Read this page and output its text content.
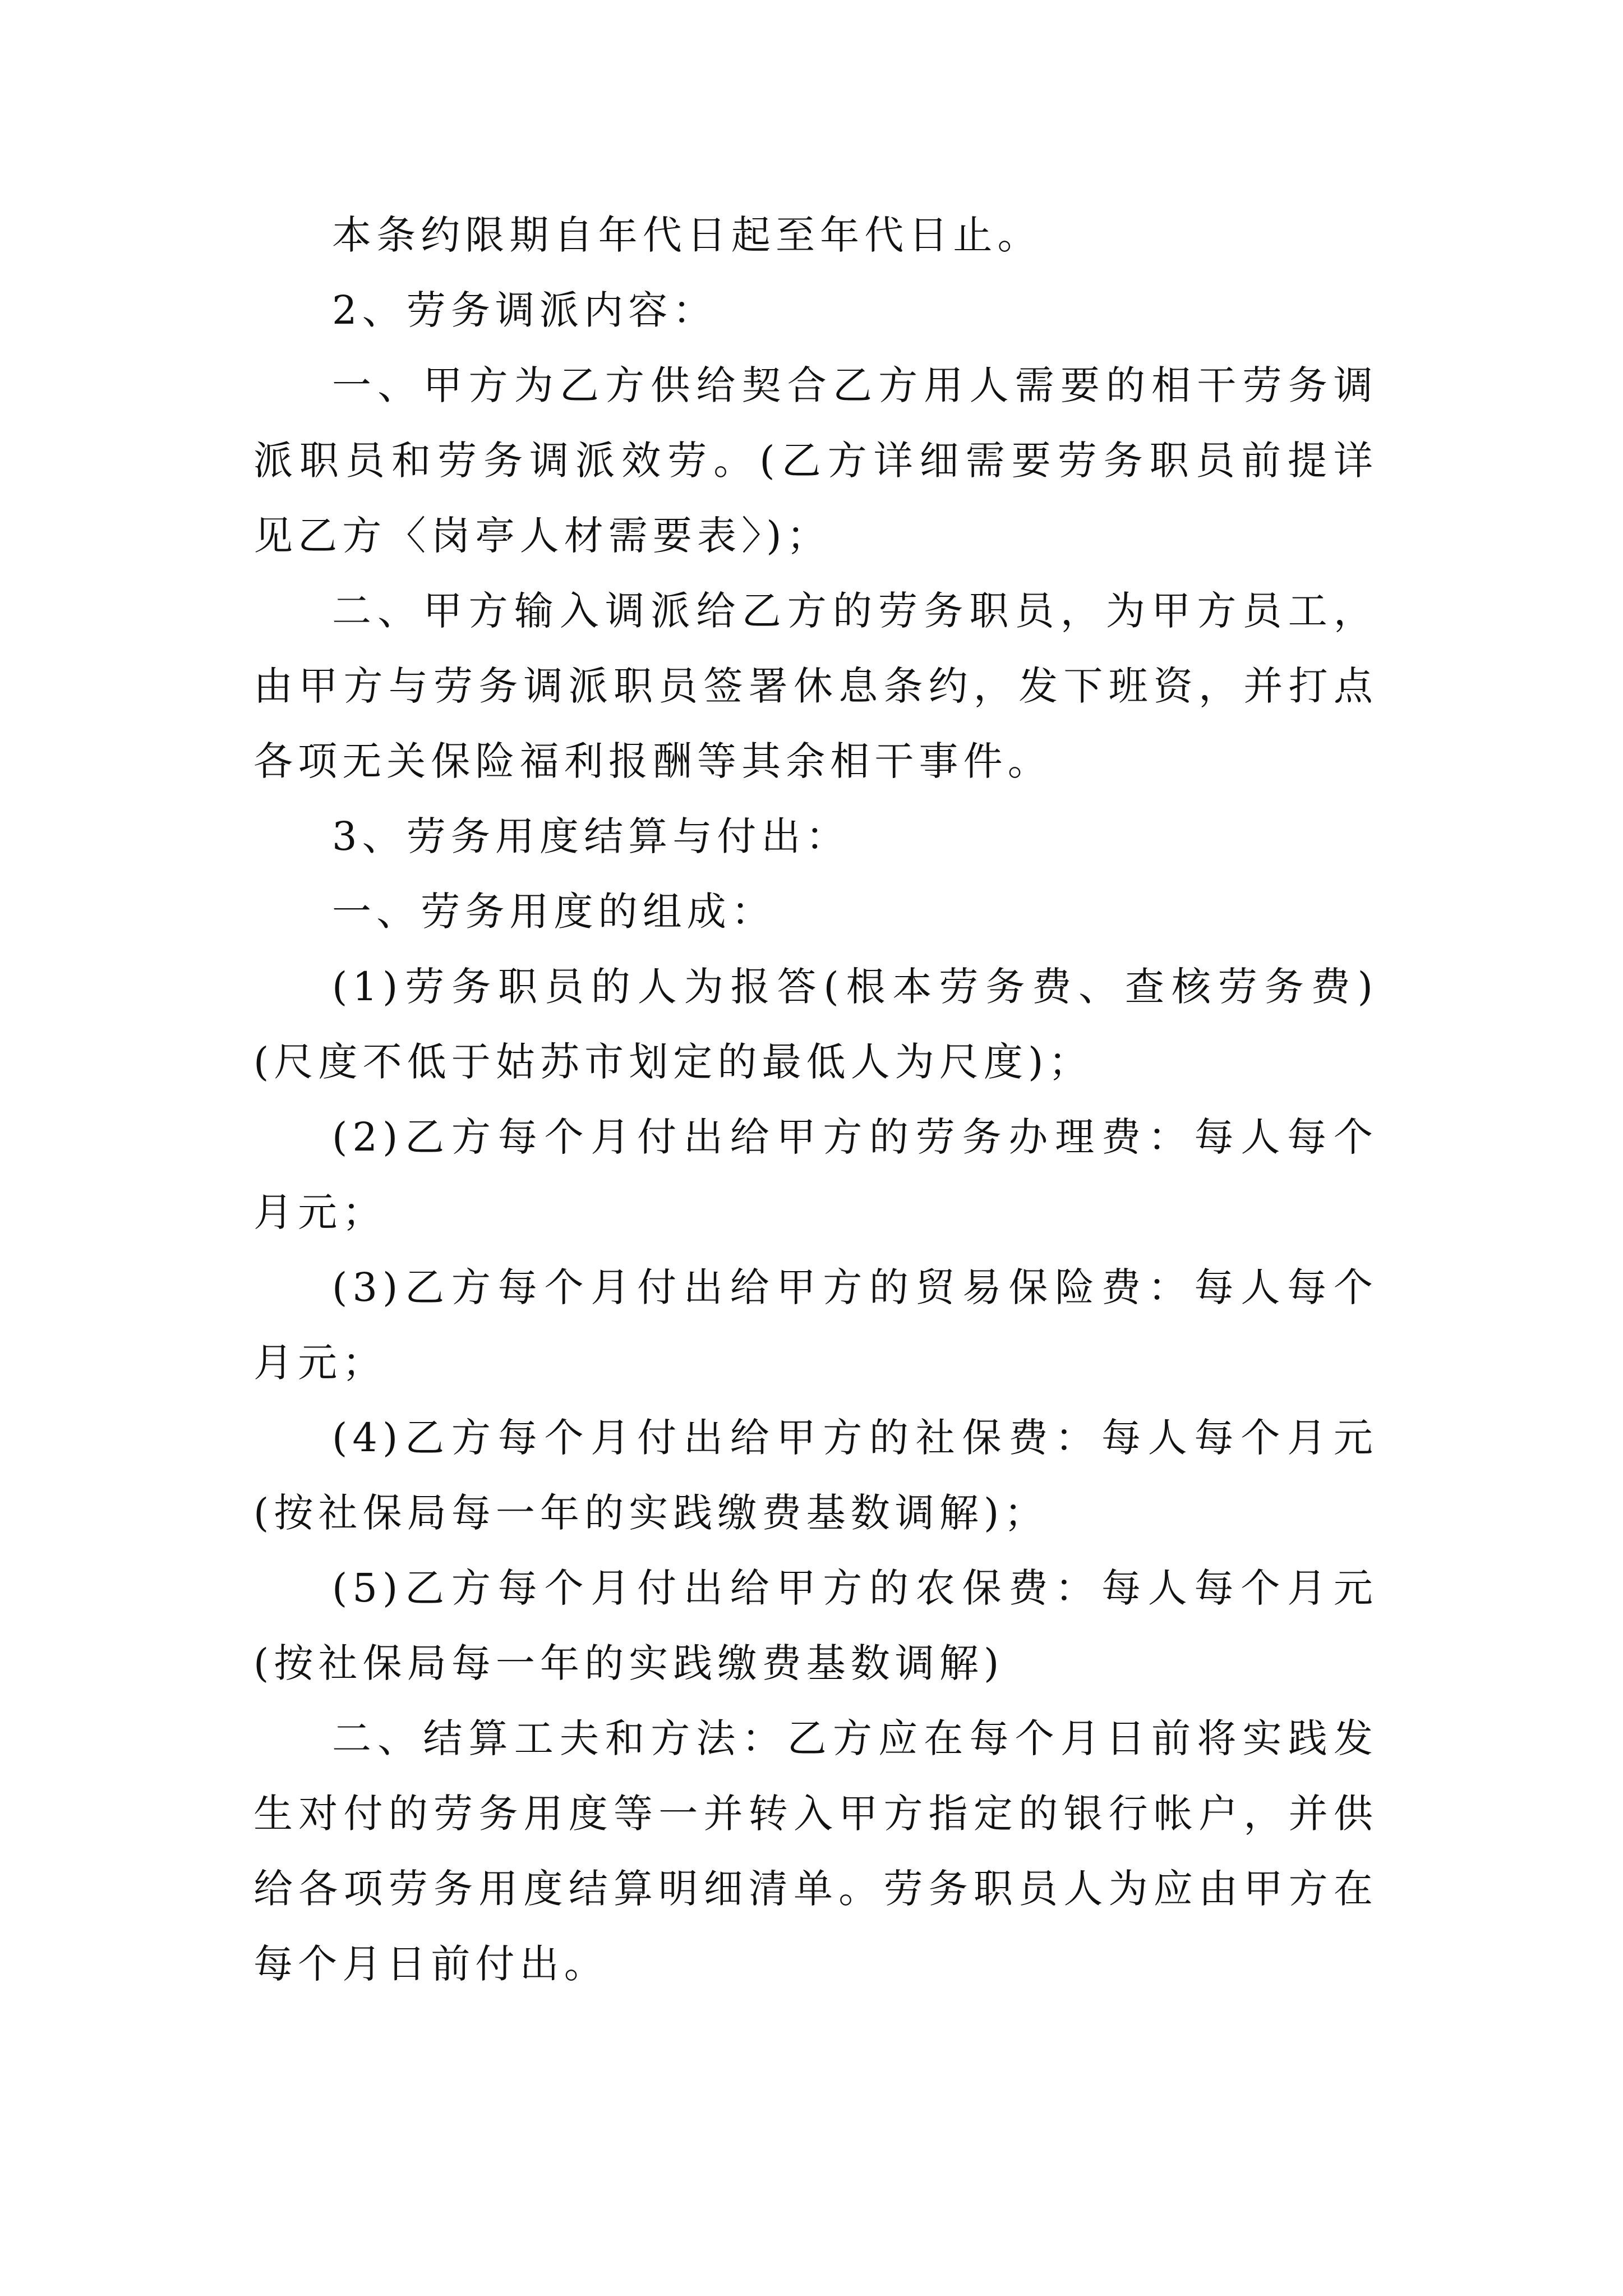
本条约限期自年代日起至年代日止。

2、劳务调派内容：

一、甲方为乙方供给契合乙方用人需要的相干劳务调派职员和劳务调派效劳。(乙方详细需要劳务职员前提详见乙方〈岗亭人材需要表〉)；

二、甲方输入调派给乙方的劳务职员，为甲方员工，由甲方与劳务调派职员签署休息条约，发下班资，并打点各项无关保险福利报酬等其余相干事件。

3、劳务用度结算与付出：

一、劳务用度的组成：

(1)劳务职员的人为报答(根本劳务费、查核劳务费)(尺度不低于姑苏市划定的最低人为尺度)；

(2)乙方每个月付出给甲方的劳务办理费：每人每个月元；

(3)乙方每个月付出给甲方的贸易保险费：每人每个月元；

(4)乙方每个月付出给甲方的社保费：每人每个月元(按社保局每一年的实践缴费基数调解)；

(5)乙方每个月付出给甲方的农保费：每人每个月元(按社保局每一年的实践缴费基数调解)

二、结算工夫和方法：乙方应在每个月日前将实践发生对付的劳务用度等一并转入甲方指定的银行帐户，并供给各项劳务用度结算明细清单。劳务职员人为应由甲方在每个月日前付出。
